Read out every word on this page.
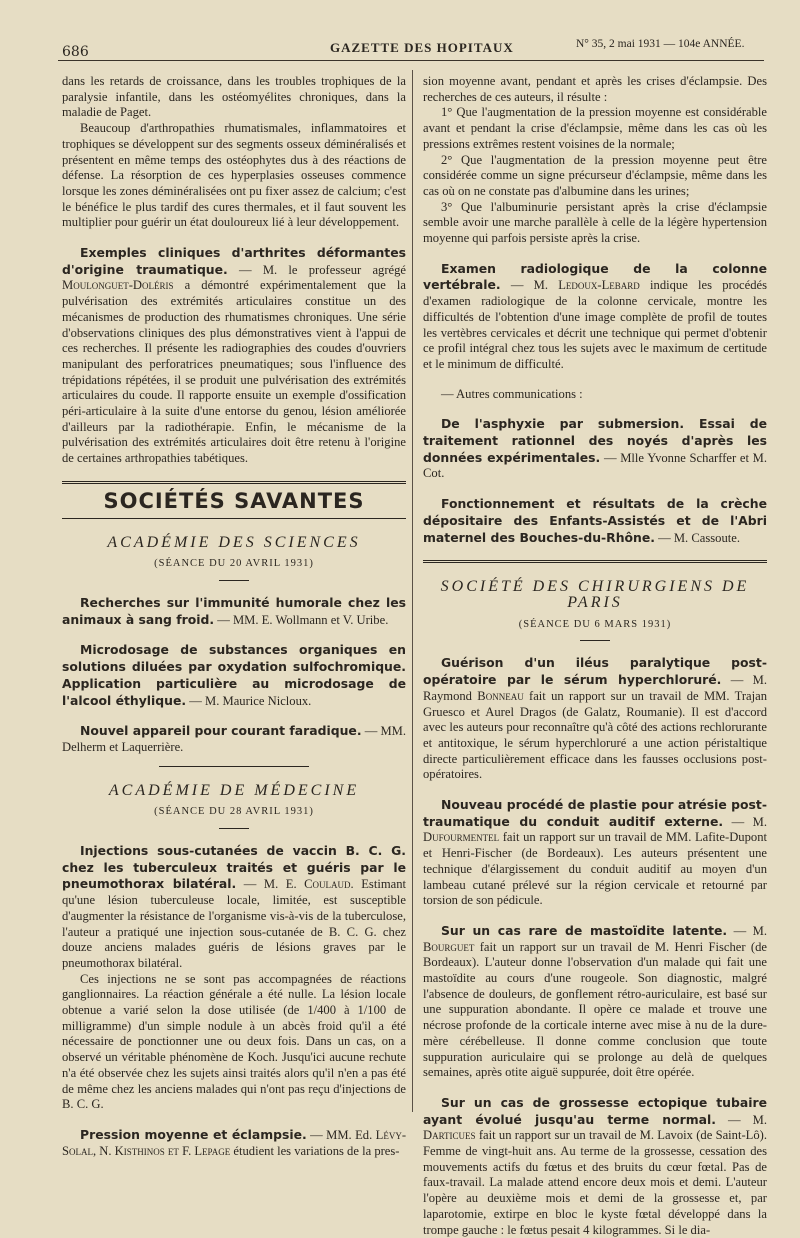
686	GAZETTE DES HOPITAUX	N° 35, 2 mai 1931 — 104e ANNÉE.

dans les retards de croissance, dans les troubles trophiques de la paralysie infantile, dans les ostéomyélites chroniques, dans la maladie de Paget.

Beaucoup d'arthropathies rhumatismales, inflammatoires et trophiques se développent sur des segments osseux déminéralisés et présentent en même temps des ostéophytes dus à des réactions de défense. La résorption de ces hyperplasies osseuses commence lorsque les zones déminéralisées ont pu fixer assez de calcium; c'est le bénéfice le plus tardif des cures thermales, et il faut souvent les multiplier pour guérir un état douloureux lié à leur développement.

Exemples cliniques d'arthrites déformantes d'origine traumatique. — M. le professeur agrégé Moulonguet-Doléris a démontré expérimentalement que la pulvérisation des extrémités articulaires constitue un des mécanismes de production des rhumatismes chroniques. Une série d'observations cliniques des plus démonstratives vient à l'appui de ces recherches. Il présente les radiographies des coudes d'ouvriers manipulant des perforatrices pneumatiques; sous l'influence des trépidations répétées, il se produit une pulvérisation des extrémités articulaires du coude. Il rapporte ensuite un exemple d'ossification péri-articulaire à la suite d'une entorse du genou, lésion améliorée d'ailleurs par la radiothérapie. Enfin, le mécanisme de la pulvérisation des extrémités articulaires doit être retenu à l'origine de certaines arthropathies tabétiques.

SOCIÉTÉS SAVANTES
ACADÉMIE DES SCIENCES
(SÉANCE DU 20 AVRIL 1931)

Recherches sur l'immunité humorale chez les animaux à sang froid. — MM. E. Wollmann et V. Uribe.

Microdosage de substances organiques en solutions diluées par oxydation sulfochromique. Application particulière au microdosage de l'alcool éthylique. — M. Maurice Nicloux.

Nouvel appareil pour courant faradique. — MM. Delherm et Laquerrière.

ACADÉMIE DE MÉDECINE
(SÉANCE DU 28 AVRIL 1931)

Injections sous-cutanées de vaccin B. C. G. chez les tuberculeux traités et guéris par le pneumothorax bilatéral. — M. E. Coulaud. Estimant qu'une lésion tuberculeuse locale, limitée, est susceptible d'augmenter la résistance de l'organisme vis-à-vis de la tuberculose, l'auteur a pratiqué une injection sous-cutanée de B. C. G. chez douze anciens malades guéris de lésions graves par le pneumothorax bilatéral.

Ces injections ne se sont pas accompagnées de réactions ganglionnaires. La réaction générale a été nulle. La lésion locale obtenue a varié selon la dose utilisée (de 1/400 à 1/100 de milligramme) d'un simple nodule à un abcès froid qu'il a été nécessaire de ponctionner une ou deux fois. Dans un cas, on a observé un véritable phénomène de Koch. Jusqu'ici aucune rechute n'a été observée chez les sujets ainsi traités alors qu'il n'en a pas été de même chez les anciens malades qui n'ont pas reçu d'injections de B. C. G.

Pression moyenne et éclampsie. — MM. Ed. Lévy-Solal, N. Kisthinos et F. Lepage étudient les variations de la pres-

sion moyenne avant, pendant et après les crises d'éclampsie. Des recherches de ces auteurs, il résulte :

1° Que l'augmentation de la pression moyenne est considérable avant et pendant la crise d'éclampsie, même dans les cas où les pressions extrêmes restent voisines de la normale;

2° Que l'augmentation de la pression moyenne peut être considérée comme un signe précurseur d'éclampsie, même dans les cas où on ne constate pas d'albumine dans les urines;

3° Que l'albuminurie persistant après la crise d'éclampsie semble avoir une marche parallèle à celle de la légère hypertension moyenne qui parfois persiste après la crise.

Examen radiologique de la colonne vertébrale. — M. Ledoux-Lebard indique les procédés d'examen radiologique de la colonne cervicale, montre les difficultés de l'obtention d'une image complète de profil de toutes les vertèbres cervicales et décrit une technique qui permet d'obtenir ce profil intégral chez tous les sujets avec le maximum de certitude et le minimum de difficulté.

— Autres communications :

De l'asphyxie par submersion. Essai de traitement rationnel des noyés d'après les données expérimentales. — Mlle Yvonne Scharffer et M. Cot.

Fonctionnement et résultats de la crèche dépositaire des Enfants-Assistés et de l'Abri maternel des Bouches-du-Rhône. — M. Cassoute.

SOCIÉTÉ DES CHIRURGIENS DE PARIS
(SÉANCE DU 6 MARS 1931)

Guérison d'un iléus paralytique post-opératoire par le sérum hyperchloruré. — M. Raymond Bonneau fait un rapport sur un travail de MM. Trajan Gruesco et Aurel Dragos (de Galatz, Roumanie). Il est d'accord avec les auteurs pour reconnaître qu'à côté des actions rechlorurante et antitoxique, le sérum hyperchloruré a une action péristaltique directe particulièrement efficace dans les fausses occlusions post-opératoires.

Nouveau procédé de plastie pour atrésie post-traumatique du conduit auditif externe. — M. Dufourmentel fait un rapport sur un travail de MM. Lafite-Dupont et Henri-Fischer (de Bordeaux). Les auteurs présentent une technique d'élargissement du conduit auditif au moyen d'un lambeau cutané prélevé sur la région cervicale et retourné par torsion de son pédicule.

Sur un cas rare de mastoïdite latente. — M. Bourguet fait un rapport sur un travail de M. Henri Fischer (de Bordeaux). L'auteur donne l'observation d'un malade qui fait une mastoïdite au cours d'une rougeole. Son diagnostic, malgré l'absence de douleurs, de gonflement rétro-auriculaire, est basé sur une suppuration abondante. Il opère ce malade et trouve une nécrose profonde de la corticale interne avec mise à nu de la dure-mère cérébelleuse. Il donne comme conclusion que toute suppuration auriculaire qui se prolonge au delà de quelques semaines, après otite aiguë suppurée, doit être opérée.

Sur un cas de grossesse ectopique tubaire ayant évolué jusqu'au terme normal. — M. Darticues fait un rapport sur un travail de M. Lavoix (de Saint-Lô). Femme de vingt-huit ans. Au terme de la grossesse, cessation des mouvements actifs du fœtus et des bruits du cœur fœtal. Pas de faux-travail. La malade attend encore deux mois et demi. L'auteur l'opère au deuxième mois et demi de la grossesse et, par laparotomie, extirpe en bloc le kyste fœtal développé dans la trompe gauche : le fœtus pesait 4 kilogrammes. Si le dia-
